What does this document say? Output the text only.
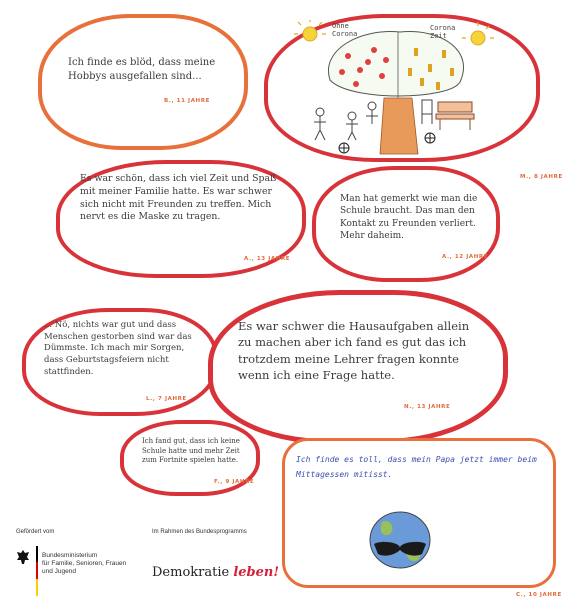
Ich finde es blöd, dass meine Hobbys ausgefallen sind...

B., 11 JAHRE
Ohne Corona
Corona Zeit
M., 8 JAHRE

Es war schön, dass ich viel Zeit und Spaß mit meiner Familie hatte. Es war schwer sich nicht mit Freunden zu treffen. Mich nervt es die Maske zu tragen.

A., 13 JAHRE

Man hat gemerkt wie man die Schule braucht. Das man den Kontakt zu Freunden verliert. Mehr daheim.

A., 12 JAHRE

... Nö, nichts war gut und dass Menschen gestorben sind war das Dümmste. Ich mach mir Sorgen, dass Geburtstagsfeiern nicht stattfinden.

L., 7 JAHRE

Es war schwer die Hausaufgaben allein zu machen aber ich fand es gut das ich trotzdem meine Lehrer fragen konnte wenn ich eine Frage hatte.

N., 13 JAHRE

Ich fand gut, dass ich keine Schule hatte und mehr Zeit zum Fortnite spielen hatte.

F., 9 JAHRE
Ich finde es toll, dass mein Papa jetzt immer beim Mittagessen mitisst.
C., 10 JAHRE
Gefördert vom	Im Rahmen des Bundesprogramms
Bundesministerium
für Familie, Senioren, Frauen
und Jugend	Demokratie leben!
